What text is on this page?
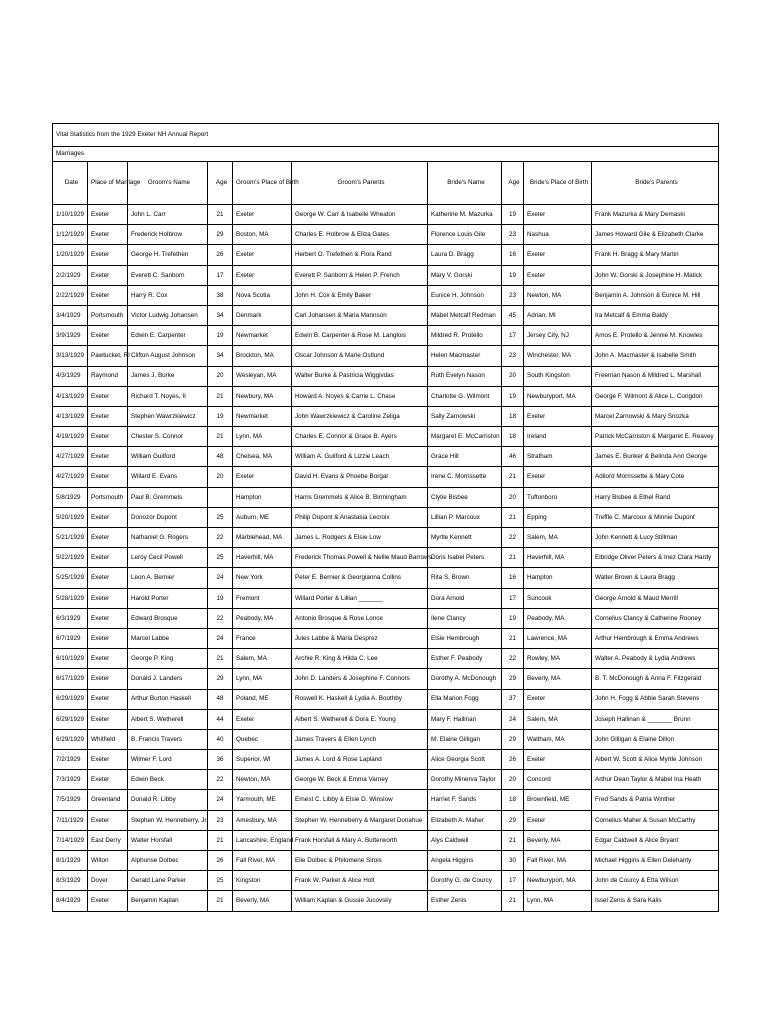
Vital Statistics from the 1929 Exeter NH Annual Report									
Marriages									
Date	Place of Marriage	Groom's Name	Age	Groom's Place of Birth	Groom's Parents	Bride's Name	Age	Bride's Place of Birth	Bride's Parents
1/10/1929	Exeter	John L. Carr	21	Exeter	George W. Carr & Isabelle Wheaton	Katherine M. Mazurka	19	Exeter	Frank Mazurka & Mary Demaski
1/12/1929	Exeter	Frederick Holbrow	29	Boston, MA	Charles E. Holbrow & Eliza Gates	Florence Louis Gile	23	Nashua	James Howard Gile & Elizabeth Clarke
1/20/1929	Exeter	George H. Trefethen	26	Exeter	Herbert O. Trefethen & Flora Rand	Laura D. Bragg	16	Exeter	Frank H. Bragg & Mary Martin
2/2/1929	Exeter	Everett C. Sanborn	17	Exeter	Everett P. Sanborn & Helen P. French	Mary V. Gorski	19	Exeter	John W. Gorski & Josephine H. Matick
2/22/1929	Exeter	Harry R. Cox	38	Nova Scotia	John H. Cox & Emily Baker	Eunice H. Johnson	23	Newton, MA	Benjamin A. Johnson & Eunice M. Hill
3/4/1929	Portsmouth	Victor Ludwig Johansen	34	Denmark	Carl Johansen & Maria Mannson	Mabel Metcalf Redman	45	Adrian, MI	Ira Metcalf & Emma Baldy
3/9/1929	Exeter	Edwin E. Carpenter	19	Newmarket	Edwin B. Carpenter & Rose M. Langlois	Mildred R. Protello	17	Jersey City, NJ	Amos E. Protello & Jennie M. Knowles
3/13/1929	Pawtucket, RI	Clifton August Johnson	34	Brockton, MA	Oscar Johnson & Marie Ostlund	Helen Macmaster	23	Winchester, MA	John A. Macmaster & Isabelle Smith
4/3/1929	Raymond	James J. Burke	20	Wesleyan, MA	Walter Burke & Pastricia Wiggivdas	Ruth Evelyn Nason	20	South Kingston	Freeman Nason & Mildred L. Marshall
4/13/1929	Exeter	Richard T. Noyes, II	21	Newbury, MA	Howard A. Noyes & Carrie L. Chase	Charlotte G. Wilmont	19	Newburyport, MA	George F. Wilmont & Alice L. Congdon
4/13/1929	Exeter	Stephen Wawrzkiewicz	19	Newmarket	John Wawrzkiewicz & Caroline Zeliga	Sally Zarnowski	18	Exeter	Marcel Zarnowski & Mary Snozka
4/19/1929	Exeter	Chester S. Connor	21	Lynn, MA	Charles E. Connor & Grace B. Ayers	Margaret E. McCarriston	18	Ireland	Patrick McCarriston & Margaret E. Reavey
4/27/1929	Exeter	William Guilford	48	Chelsea, MA	William A. Guilford & Lizzie Leach	Grace Hill	46	Stratham	James E. Bunker & Belinda Ann George
4/27/1929	Exeter	Willard E. Evans	20	Exeter	David H. Evans & Phoebe Borgal	Irene C. Morrissette	21	Exeter	Adilord Morrissette & Mary Cote
5/8/1929	Portsmouth	Paul B. Gremmels		Hampton	Harris Gremmels & Alice B. Birmingham	Clytie Bisbee	20	Tuftonboro	Harry Bisbee & Ethel Rand
5/20/1929	Exeter	Donozor Dupont	25	Auburn, ME	Philip Dupont & Anastasia Lecroix	Lillian P. Marcoux	21	Epping	Treffle C. Marcoux & Minnie Dupont
5/21/1929	Exeter	Nathaniel G. Rogers	22	Marblehead, MA	James L. Rodgers & Elsie Low	Myrtle Kennett	22	Salem, MA	John Kennett & Lucy Stillman
5/22/1929	Exeter	Leroy Cecil Powell	25	Haverhill, MA	Frederick Thomas Powell & Nellie Maud Barrows	Doris Isabel Peters	21	Haverhill, MA	Elbridge Oliver Peters & Inez Clara Hardy
5/25/1929	Exeter	Leon A. Bernier	24	New York	Peter E. Bernier & Georgianna Collins	Rita S. Brown	16	Hampton	Walter Brown & Laura Bragg
5/28/1929	Exeter	Harold Porter	19	Fremont	Willard Porter & Lillian _______	Dora Arnold	17	Suncook	George Arnold & Maud Merrill
6/3/1929	Exeter	Edward Brosque	22	Peabody, MA	Antonio Brosque & Rose Lonce	Ilene Clancy	19	Peabody, MA	Cornelius Clancy & Catherine Rooney
6/7/1929	Exeter	Marcel Labbe	24	France	Jules Labbe & Maria Desprez	Elsie Hembrough	21	Lawrence, MA	Arthur Hembrough & Emma Andrews
6/10/1929	Exeter	George P. King	21	Salem, MA	Archie R. King & Hilda C. Lee	Esther F. Peabody	22	Rowley, MA	Walter A. Peabody & Lydia Andrews
6/17/1929	Exeter	Donald J. Landers	29	Lynn, MA	John D. Landers & Josephine F. Connors	Dorothy A. McDonough	29	Beverly, MA	B. T. McDonough & Anna F. Fitzgerald
6/29/1929	Exeter	Arthur Burton Haskell	48	Poland, ME	Roswell K. Haskell & Lydia A. Boothby	Ella Marion Fogg	37	Exeter	John H. Fogg & Abbie Sarah Stevens
6/29/1929	Exeter	Albert S. Wetherell	44	Exeter	Albert S. Wetherell & Dora E. Young	Mary F. Hallinan	24	Salem, MA	Joseph Hallinan & _______ Brunn
6/29/1929	Whitfield	B. Francis Travers	40	Quebec	James Travers & Ellen Lynch	M. Elaine Gilligan	29	Waltham, MA	John Gilligan & Elaine Dillon
7/2/1929	Exeter	Wilmer F. Lord	36	Superior, WI	James A. Lord & Rose Lapland	Alice Georgia Scott	26	Exeter	Albert W. Scott & Alice Myrtle Johnson
7/3/1929	Exeter	Edwin Beck	22	Newton, MA	George W. Beck & Emma Varney	Dorothy Minerva Taylor	20	Concord	Arthur Dean Taylor & Mabel Ina Heath
7/5/1929	Greenland	Donald R. Libby	24	Yarmouth, ME	Ernest C. Libby & Elsie D. Winslow	Harriet F. Sands	18	Brownfield, ME	Fred Sands & Patria Winther
7/11/1929	Exeter	Stephen W. Henneberry, Jr.	23	Amesbury, MA	Stephen W. Henneberry & Margaret Donahue	Elizabeth A. Maher	29	Exeter	Cornelius Maher & Susan McCarthy
7/14/1929	East Derry	Walter Horsfall	21	Lancashire, England	Frank Horsfall & Mary A. Butterworth	Alys Caldwell	21	Beverly, MA	Edgar Caldwell & Alice Bryant
8/1/1929	Wilton	Alphonse Dolbec	26	Fall River, MA	Elie Dolbec & Philomene Sirois	Angela Higgins	30	Fall River, MA	Michael Higgins & Ellen Delehanty
8/3/1929	Dover	Gerald Lane Parker	25	Kingston	Frank W. Parker & Alice Holt	Dorothy G. de Courcy	17	Newburyport, MA	John de Courcy & Etta Wilson
8/4/1929	Exeter	Benjamin Kaplan	21	Beverly, MA	William Kaplan & Gussie Jucovsky	Esther Zenis	21	Lynn, MA	Issel Zenis & Sara Kalis
